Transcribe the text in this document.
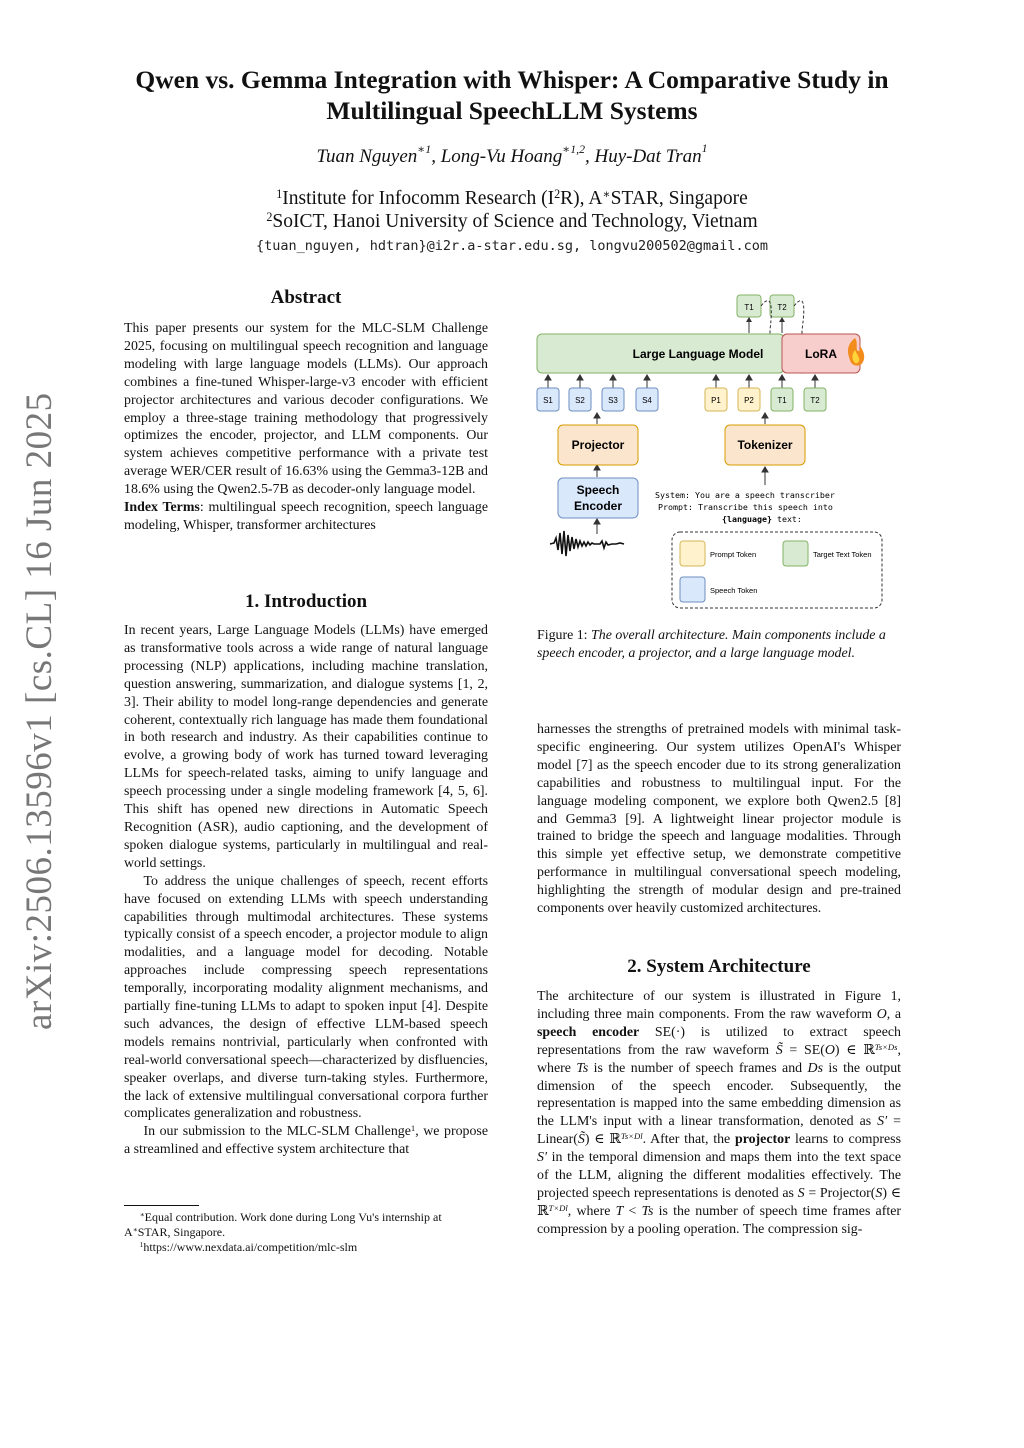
arXiv:2506.13596v1 [cs.CL] 16 Jun 2025
Qwen vs. Gemma Integration with Whisper: A Comparative Study in
Multilingual SpeechLLM Systems
Tuan Nguyen$^{∗1}$, Long-Vu Hoang$^{∗1,2}$, Huy-Dat Tran$^1$
$^1$Institute for Infocomm Research $(I^2R)$, A∗STAR, Singapore
$^2$SoICT, Hanoi University of Science and Technology, Vietnam
{tuan_nguyen, hdtran}@i2r.a-star.edu.sg, longvu200502@gmail.com
Abstract

This paper presents our system for the MLC-SLM Challenge 2025, focusing on multilingual speech recognition and language modeling with large language models (LLMs). Our approach combines a fine-tuned Whisper-large-v3 encoder with efficient projector architectures and various decoder configurations. We employ a three-stage training methodology that progressively optimizes the encoder, projector, and LLM components. Our system achieves competitive performance with a private test average WER/CER result of 16.63% using the Gemma3-12B and 18.6% using the Qwen2.5-7B as decoder-only language model.

Index Terms: multilingual speech recognition, speech language modeling, Whisper, transformer architectures

1. Introduction

In recent years, Large Language Models (LLMs) have emerged as transformative tools across a wide range of natural language processing (NLP) applications, including machine translation, question answering, summarization, and dialogue systems [1, 2, 3]. Their ability to model long-range dependencies and generate coherent, contextually rich language has made them foundational in both research and industry. As their capabilities continue to evolve, a growing body of work has turned toward leveraging LLMs for speech-related tasks, aiming to unify language and speech processing under a single modeling framework [4, 5, 6]. This shift has opened new directions in Automatic Speech Recognition (ASR), audio captioning, and the development of spoken dialogue systems, particularly in multilingual and real-world settings.

To address the unique challenges of speech, recent efforts have focused on extending LLMs with speech understanding capabilities through multimodal architectures. These systems typically consist of a speech encoder, a projector module to align modalities, and a language model for decoding. Notable approaches include compressing speech representations temporally, incorporating modality alignment mechanisms, and partially fine-tuning LLMs to adapt to spoken input [4]. Despite such advances, the design of effective LLM-based speech models remains nontrivial, particularly when confronted with real-world conversational speech—characterized by disfluencies, speaker overlaps, and diverse turn-taking styles. Furthermore, the lack of extensive multilingual conversational corpora further complicates generalization and robustness.

In our submission to the MLC-SLM Challenge$^1$, we propose a streamlined and effective system architecture that

∗Equal contribution. Work done during Long Vu's internship at A∗STAR, Singapore.
$^1$https://www.nexdata.ai/competition/mlc-slm
T1	T2
Large Language Model	LoRA
S1	S2	S3	S4	P1	P2	T1	T2
Projector	Tokenizer
Speech
Encoder
System: You are a speech transcriber
Prompt: Transcribe this speech into
{language} text:
Prompt Token	Target Text Token
Speech Token
Figure 1: The overall architecture. Main components include a speech encoder, a projector, and a large language model.

harnesses the strengths of pretrained models with minimal task-specific engineering. Our system utilizes OpenAI's Whisper model [7] as the speech encoder due to its strong generalization capabilities and robustness to multilingual input. For the language modeling component, we explore both Qwen2.5 [8] and Gemma3 [9]. A lightweight linear projector module is trained to bridge the speech and language modalities. Through this simple yet effective setup, we demonstrate competitive performance in multilingual conversational speech modeling, highlighting the strength of modular design and pre-trained components over heavily customized architectures.

2. System Architecture

The architecture of our system is illustrated in Figure 1, including three main components. From the raw waveform O, a speech encoder SE(·) is utilized to extract speech representations from the raw waveform S̃ = SE(O) ∈ ℝ$^{Ts\times Ds}$, where Ts is the number of speech frames and Ds is the output dimension of the speech encoder. Subsequently, the representation is mapped into the same embedding dimension as the LLM's input with a linear transformation, denoted as S′ = Linear(S̃) ∈ ℝ$^{Ts\times Dl}$. After that, the projector learns to compress S′ in the temporal dimension and maps them into the text space of the LLM, aligning the different modalities effectively. The projected speech representations is denoted as S = Projector(S) ∈ ℝ$^{T\times Dl}$, where T < Ts is the number of speech time frames after compression by a pooling operation. The compression sig-
